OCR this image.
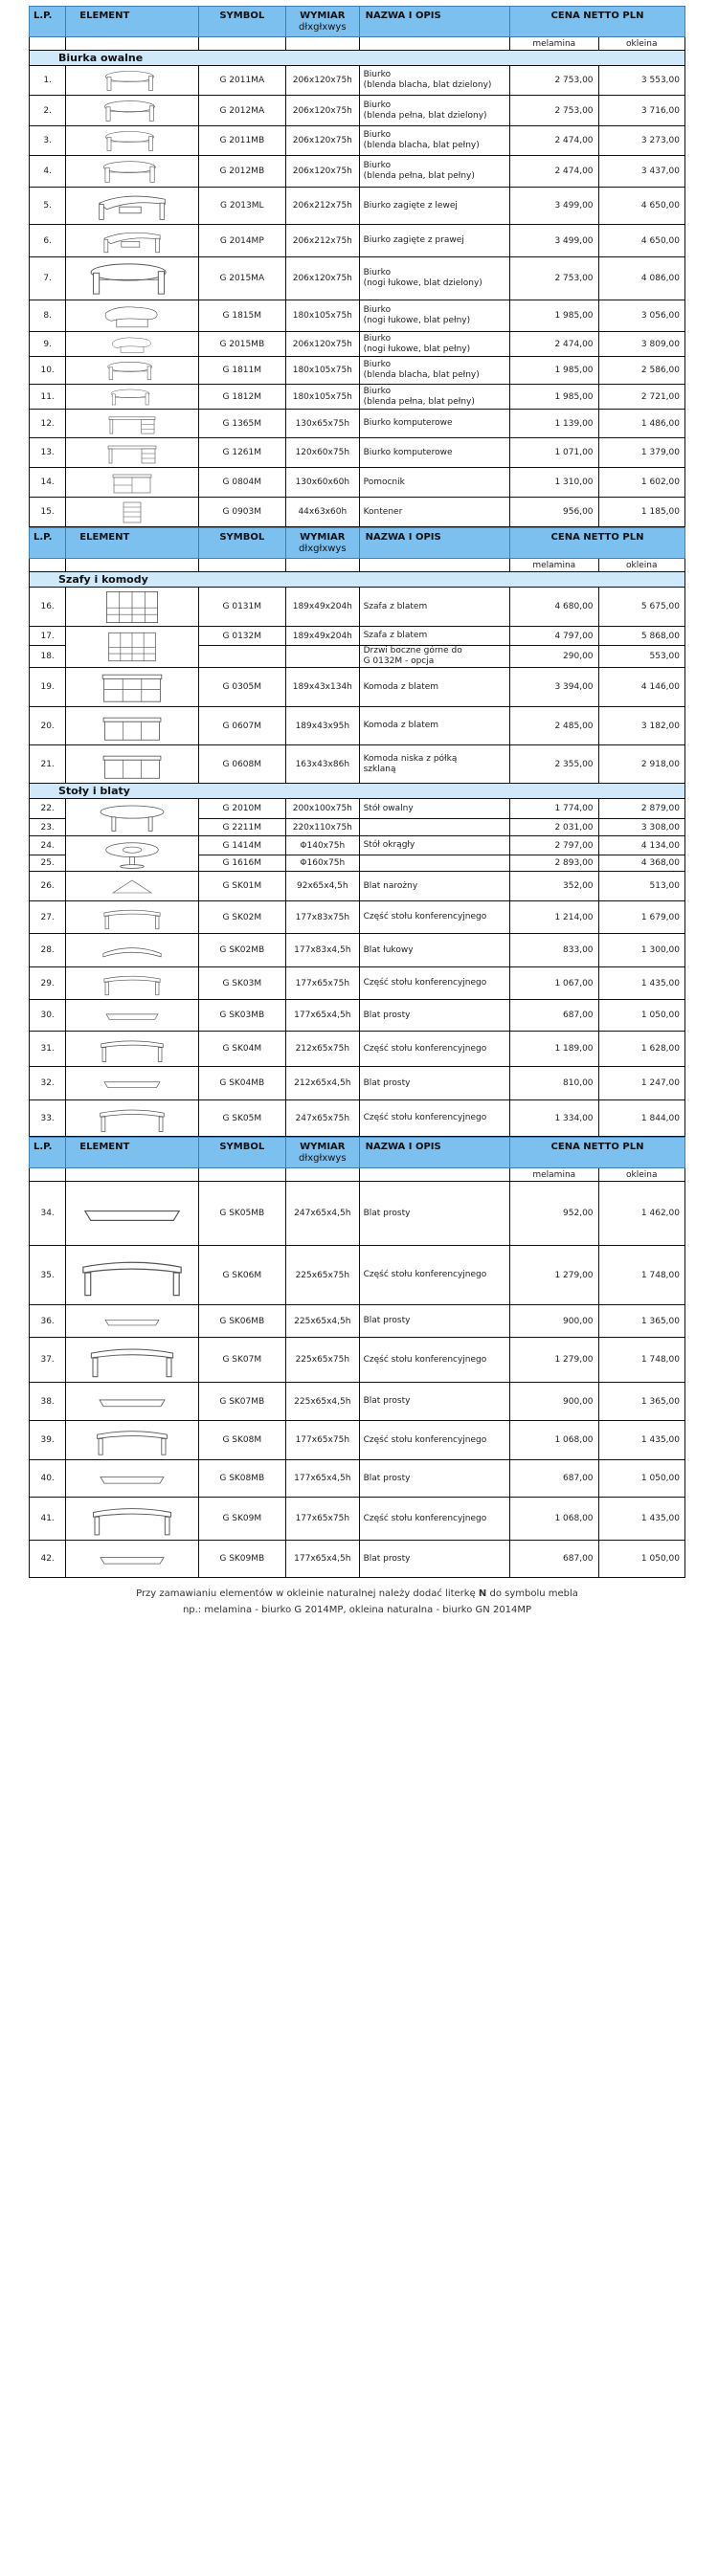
L.P.	ELEMENT	SYMBOL	WYMIAR
dłxgłxwys	NAZWA I OPIS	CENA NETTO PLN	
					melamina	okleina
Biurka owalne						
1.		G 2011MA	206x120x75h	Biurko
(blenda blacha, blat dzielony)	2 753,00	3 553,00
2.		G 2012MA	206x120x75h	Biurko
(blenda pełna, blat dzielony)	2 753,00	3 716,00
3.		G 2011MB	206x120x75h	Biurko
(blenda blacha, blat pełny)	2 474,00	3 273,00
4.		G 2012MB	206x120x75h	Biurko
(blenda pełna, blat pełny)	2 474,00	3 437,00
5.		G 2013ML	206x212x75h	Biurko zagięte z lewej	3 499,00	4 650,00
6.		G 2014MP	206x212x75h	Biurko zagięte z prawej	3 499,00	4 650,00
7.		G 2015MA	206x120x75h	Biurko
(nogi łukowe, blat dzielony)	2 753,00	4 086,00
8.		G 1815M	180x105x75h	Biurko
(nogi łukowe, blat pełny)	1 985,00	3 056,00
9.		G 2015MB	206x120x75h	Biurko
(nogi łukowe, blat pełny)	2 474,00	3 809,00
10.		G 1811M	180x105x75h	Biurko
(blenda blacha, blat pełny)	1 985,00	2 586,00
11.		G 1812M	180x105x75h	Biurko
(blenda pełna, blat pełny)	1 985,00	2 721,00
12.		G 1365M	130x65x75h	Biurko komputerowe	1 139,00	1 486,00
13.		G 1261M	120x60x75h	Biurko komputerowe	1 071,00	1 379,00
14.		G 0804M	130x60x60h	Pomocnik	1 310,00	1 602,00
15.		G 0903M	44x63x60h	Kontener	956,00	1 185,00
L.P.	ELEMENT	SYMBOL	WYMIAR
dłxgłxwys	NAZWA I OPIS	CENA NETTO PLN	
					melamina	okleina
Szafy i komody						
16.		G 0131M	189x49x204h	Szafa z blatem	4 680,00	5 675,00
17.		G 0132M	189x49x204h	Szafa z blatem	4 797,00	5 868,00
18.				Drzwi boczne górne do
G 0132M - opcja	290,00	553,00
19.		G 0305M	189x43x134h	Komoda z blatem	3 394,00	4 146,00
20.		G 0607M	189x43x95h	Komoda z blatem	2 485,00	3 182,00
21.		G 0608M	163x43x86h	Komoda niska z półką
szklaną	2 355,00	2 918,00
Stoły i blaty						
22.		G 2010M	200x100x75h	Stół owalny	1 774,00	2 879,00
23.		G 2211M	220x110x75h		2 031,00	3 308,00
24.		G 1414M	Φ140x75h	Stół okrągły	2 797,00	4 134,00
25.		G 1616M	Φ160x75h		2 893,00	4 368,00
26.		G SK01M	92x65x4,5h	Blat narożny	352,00	513,00
27.		G SK02M	177x83x75h	Część stołu konferencyjnego	1 214,00	1 679,00
28.		G SK02MB	177x83x4,5h	Blat łukowy	833,00	1 300,00
29.		G SK03M	177x65x75h	Część stołu konferencyjnego	1 067,00	1 435,00
30.		G SK03MB	177x65x4,5h	Blat prosty	687,00	1 050,00
31.		G SK04M	212x65x75h	Część stołu konferencyjnego	1 189,00	1 628,00
32.		G SK04MB	212x65x4,5h	Blat prosty	810,00	1 247,00
33.		G SK05M	247x65x75h	Część stołu konferencyjnego	1 334,00	1 844,00
L.P.	ELEMENT	SYMBOL	WYMIAR
dłxgłxwys	NAZWA I OPIS	CENA NETTO PLN	
					melamina	okleina
34.		G SK05MB	247x65x4,5h	Blat prosty	952,00	1 462,00
35.		G SK06M	225x65x75h	Część stołu konferencyjnego	1 279,00	1 748,00
36.		G SK06MB	225x65x4,5h	Blat prosty	900,00	1 365,00
37.		G SK07M	225x65x75h	Część stołu konferencyjnego	1 279,00	1 748,00
38.		G SK07MB	225x65x4,5h	Blat prosty	900,00	1 365,00
39.		G SK08M	177x65x75h	Część stołu konferencyjnego	1 068,00	1 435,00
40.		G SK08MB	177x65x4,5h	Blat prosty	687,00	1 050,00
41.		G SK09M	177x65x75h	Część stołu konferencyjnego	1 068,00	1 435,00
42.		G SK09MB	177x65x4,5h	Blat prosty	687,00	1 050,00
Przy zamawianiu elementów w okleinie naturalnej należy dodać literkę N do symbolu mebla
np.: melamina - biurko G 2014MP, okleina naturalna - biurko GN 2014MP
